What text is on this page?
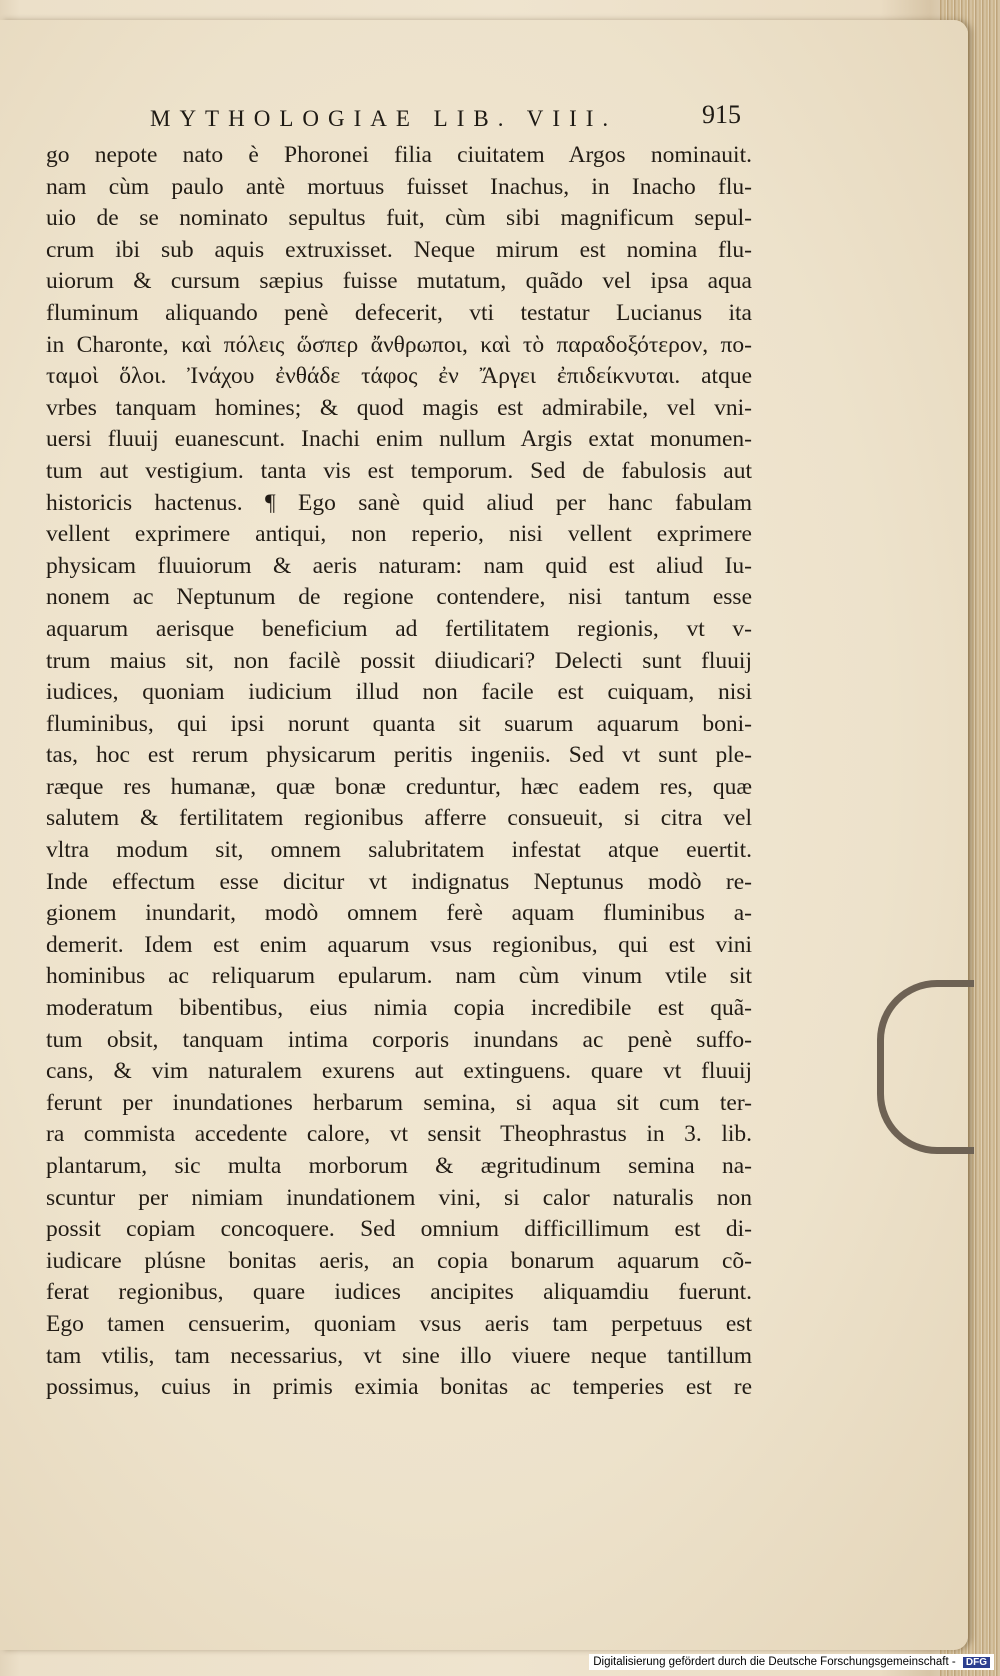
MYTHOLOGIAE LIB. VIII.	915
go nepote nato è Phoronei filia ciuitatem Argos nominauit.
nam cùm paulo antè mortuus fuisset Inachus, in Inacho flu-
uio de se nominato sepultus fuit, cùm sibi magnificum sepul-
crum ibi sub aquis extruxisset. Neque mirum est nomina flu-
uiorum & cursum sæpius fuisse mutatum, quãdo vel ipsa aqua
fluminum aliquando penè defecerit, vti testatur Lucianus ita
in Charonte, καὶ πόλεις ὥσπερ ἄνθρωποι, καὶ τὸ παραδοξότερον, πο-
ταμοὶ ὅλοι. Ἰνάχου ἐνθάδε τάφος ἐν Ἄργει ἐπιδείκνυται. atque
vrbes tanquam homines; & quod magis est admirabile, vel vni-
uersi fluuij euanescunt. Inachi enim nullum Argis extat monumen-
tum aut vestigium. tanta vis est temporum. Sed de fabulosis aut
historicis hactenus. ¶ Ego sanè quid aliud per hanc fabulam
vellent exprimere antiqui, non reperio, nisi vellent exprimere
physicam fluuiorum & aeris naturam: nam quid est aliud Iu-
nonem ac Neptunum de regione contendere, nisi tantum esse
aquarum aerisque beneficium ad fertilitatem regionis, vt v-
trum maius sit, non facilè possit diiudicari? Delecti sunt fluuij
iudices, quoniam iudicium illud non facile est cuiquam, nisi
fluminibus, qui ipsi norunt quanta sit suarum aquarum boni-
tas, hoc est rerum physicarum peritis ingeniis. Sed vt sunt ple-
ræque res humanæ, quæ bonæ creduntur, hæc eadem res, quæ
salutem & fertilitatem regionibus afferre consueuit, si citra vel
vltra modum sit, omnem salubritatem infestat atque euertit.
Inde effectum esse dicitur vt indignatus Neptunus modò re-
gionem inundarit, modò omnem ferè aquam fluminibus a-
demerit. Idem est enim aquarum vsus regionibus, qui est vini
hominibus ac reliquarum epularum. nam cùm vinum vtile sit
moderatum bibentibus, eius nimia copia incredibile est quã-
tum obsit, tanquam intima corporis inundans ac penè suffo-
cans, & vim naturalem exurens aut extinguens. quare vt fluuij
ferunt per inundationes herbarum semina, si aqua sit cum ter-
ra commista accedente calore, vt sensit Theophrastus in 3. lib.
plantarum, sic multa morborum & ægritudinum semina na-
scuntur per nimiam inundationem vini, si calor naturalis non
possit copiam concoquere. Sed omnium difficillimum est di-
iudicare plúsne bonitas aeris, an copia bonarum aquarum cõ-
ferat regionibus, quare iudices ancipites aliquamdiu fuerunt.
Ego tamen censuerim, quoniam vsus aeris tam perpetuus est
tam vtilis, tam necessarius, vt sine illo viuere neque tantillum
possimus, cuius in primis eximia bonitas ac temperies est re
Digitalisierung gefördert durch die Deutsche Forschungsgemeinschaft - DFG
